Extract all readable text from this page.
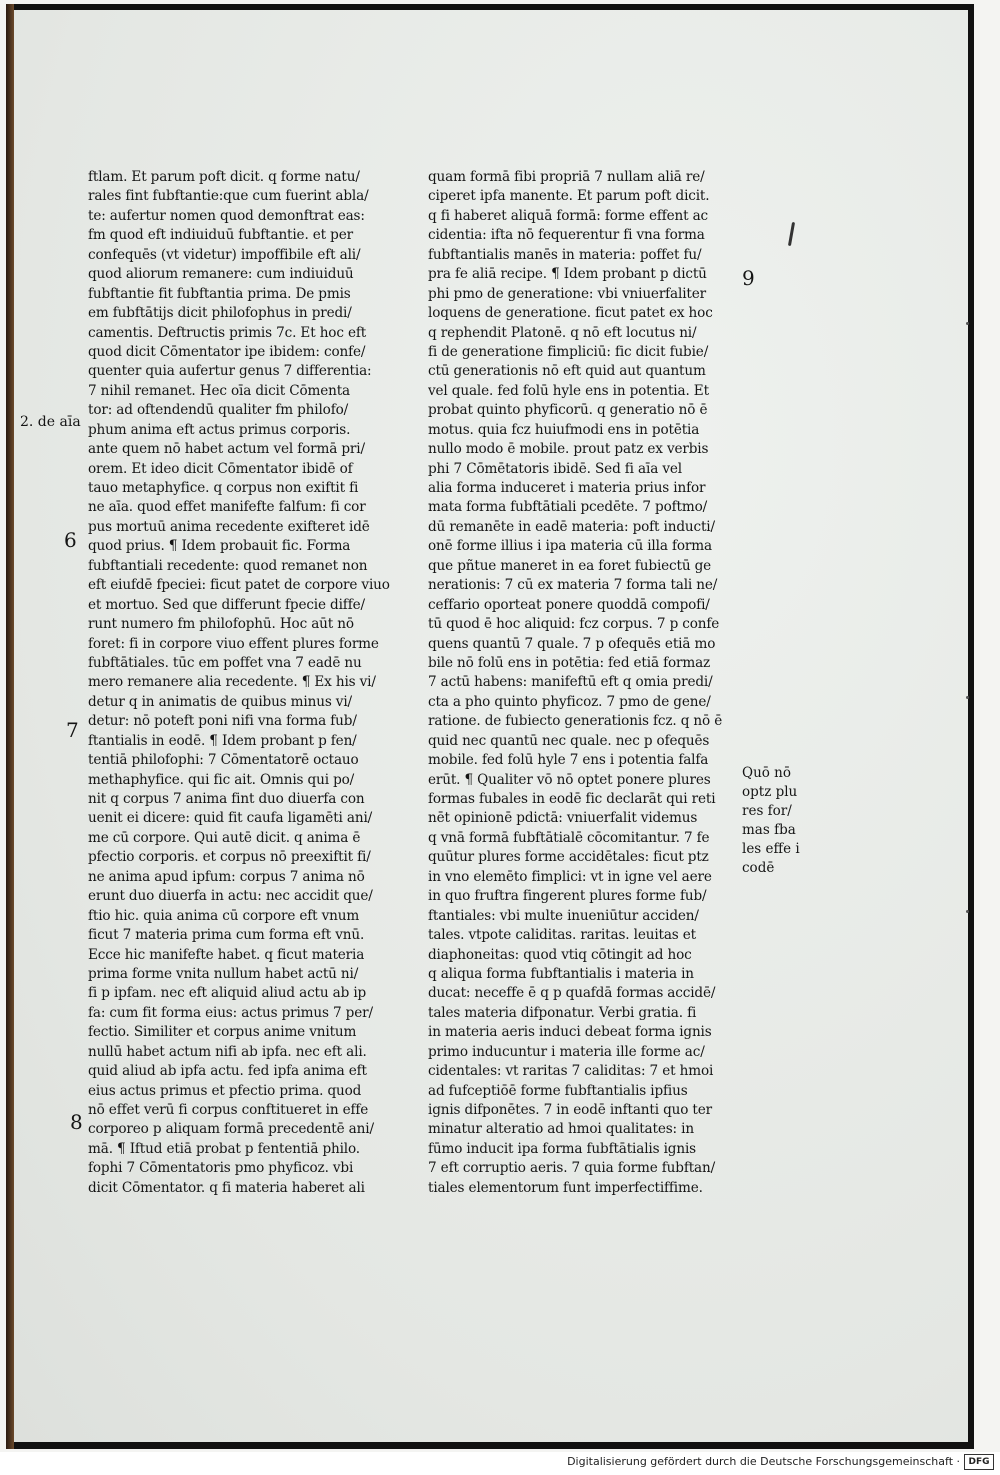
ftlam. Et parum poft dicit. q forme natu/
rales fint fubftantie:que cum fuerint abla/
te: aufertur nomen quod demonftrat eas:
fm quod eft indiuiduū fubftantie. et per
confequēs (vt videtur) impoffibile eft ali/
quod aliorum remanere: cum indiuiduū
fubftantie fit fubftantia prima. De pmis
em fubftātijs dicit philofophus in predi/
camentis. Deftructis primis 7c. Et hoc eft
quod dicit Cōmentator ipe ibidem: confe/
quenter quia aufertur genus 7 differentia:
7 nihil remanet. Hec oīa dicit Cōmenta
tor: ad oftendendū qualiter fm philofo/
phum anima eft actus primus corporis.
ante quem nō habet actum vel formā pri/
orem. Et ideo dicit Cōmentator ibidē of
tauo metaphyfice. q corpus non exiftit fi
ne aīa. quod effet manifefte falfum: fi cor
pus mortuū anima recedente exifteret idē
quod prius. ¶ Idem probauit fic. Forma
fubftantiali recedente: quod remanet non
eft eiufdē fpeciei: ficut patet de corpore viuo
et mortuo. Sed que differunt fpecie diffe/
runt numero fm philofophū. Hoc aūt nō
foret: fi in corpore viuo effent plures forme
fubftātiales. tūc em poffet vna 7 eadē nu
mero remanere alia recedente. ¶ Ex his vi/
detur q in animatis de quibus minus vi/
detur: nō poteft poni nifi vna forma fub/
ftantialis in eodē. ¶ Idem probant p fen/
tentiā philofophi: 7 Cōmentatorē octauo
methaphyfice. qui fic ait. Omnis qui po/
nit q corpus 7 anima fint duo diuerfa con
uenit ei dicere: quid fit caufa ligamēti ani/
me cū corpore. Qui autē dicit. q anima ē
pfectio corporis. et corpus nō preexiftit fi/
ne anima apud ipfum: corpus 7 anima nō
erunt duo diuerfa in actu: nec accidit que/
ftio hic. quia anima cū corpore eft vnum
ficut 7 materia prima cum forma eft vnū.
Ecce hic manifefte habet. q ficut materia
prima forme vnita nullum habet actū ni/
fi p ipfam. nec eft aliquid aliud actu ab ip
fa: cum fit forma eius: actus primus 7 per/
fectio. Similiter et corpus anime vnitum
nullū habet actum nifi ab ipfa. nec eft ali.
quid aliud ab ipfa actu. fed ipfa anima eft
eius actus primus et pfectio prima. quod
nō effet verū fi corpus conftitueret in effe
corporeo p aliquam formā precedentē ani/
mā. ¶ Iftud etiā probat p fententiā philo.
fophi 7 Cōmentatoris pmo phyficoz. vbi
dicit Cōmentator. q fi materia haberet ali
quam formā fibi propriā 7 nullam aliā re/
ciperet ipfa manente. Et parum poft dicit.
q fi haberet aliquā formā: forme effent ac
cidentia: ifta nō fequerentur fi vna forma
fubftantialis manēs in materia: poffet fu/
pra fe aliā recipe. ¶ Idem probant p dictū
phi pmo de generatione: vbi vniuerfaliter
loquens de generatione. ficut patet ex hoc
q rephendit Platonē. q nō eft locutus ni/
fi de generatione fimpliciū: fic dicit fubie/
ctū generationis nō eft quid aut quantum
vel quale. fed folū hyle ens in potentia. Et
probat quinto phyficorū. q generatio nō ē
motus. quia fcz huiufmodi ens in potētia
nullo modo ē mobile. prout patz ex verbis
phi 7 Cōmētatoris ibidē. Sed fi aīa vel
alia forma induceret i materia prius infor
mata forma fubftātiali pcedēte. 7 poftmo/
dū remanēte in eadē materia: poft inducti/
onē forme illius i ipa materia cū illa forma
que pñtue maneret in ea foret fubiectū ge
nerationis: 7 cū ex materia 7 forma tali ne/
ceffario oporteat ponere quoddā compofi/
tū quod ē hoc aliquid: fcz corpus. 7 p confe
quens quantū 7 quale. 7 p ofequēs etiā mo
bile nō folū ens in potētia: fed etiā formaz
7 actū habens: manifeftū eft q omia predi/
cta a pho quinto phyficoz. 7 pmo de gene/
ratione. de fubiecto generationis fcz. q nō ē
quid nec quantū nec quale. nec p ofequēs
mobile. fed folū hyle 7 ens i potentia falfa
erūt. ¶ Qualiter vō nō optet ponere plures
formas fubales in eodē fic declarāt qui reti
nēt opinionē pdictā: vniuerfalit videmus
q vnā formā fubftātialē cōcomitantur. 7 fe
quūtur plures forme accidētales: ficut ptz
in vno elemēto fimplici: vt in igne vel aere
in quo fruftra fingerent plures forme fub/
ftantiales: vbi multe inueniūtur acciden/
tales. vtpote caliditas. raritas. leuitas et
diaphoneitas: quod vtiq cōtingit ad hoc
q aliqua forma fubftantialis i materia in
ducat: neceffe ē q p quafdā formas accidē/
tales materia difponatur. Verbi gratia. fi
in materia aeris induci debeat forma ignis
primo inducuntur i materia ille forme ac/
cidentales: vt raritas 7 caliditas: 7 et hmoi
ad fufceptiōē forme fubftantialis ipfius
ignis difponētes. 7 in eodē inftanti quo ter
minatur alteratio ad hmoi qualitates: in
fūmo inducit ipa forma fubftātialis ignis
7 eft corruptio aeris. 7 quia forme fubftan/
tiales elementorum funt imperfectiffime.
2. de aīa
6
7
8
9
Quō nō
optz plu
res for/
mas fba
les effe i
codē
Digitalisierung gefördert durch die Deutsche Forschungsgemeinschaft · DFG
